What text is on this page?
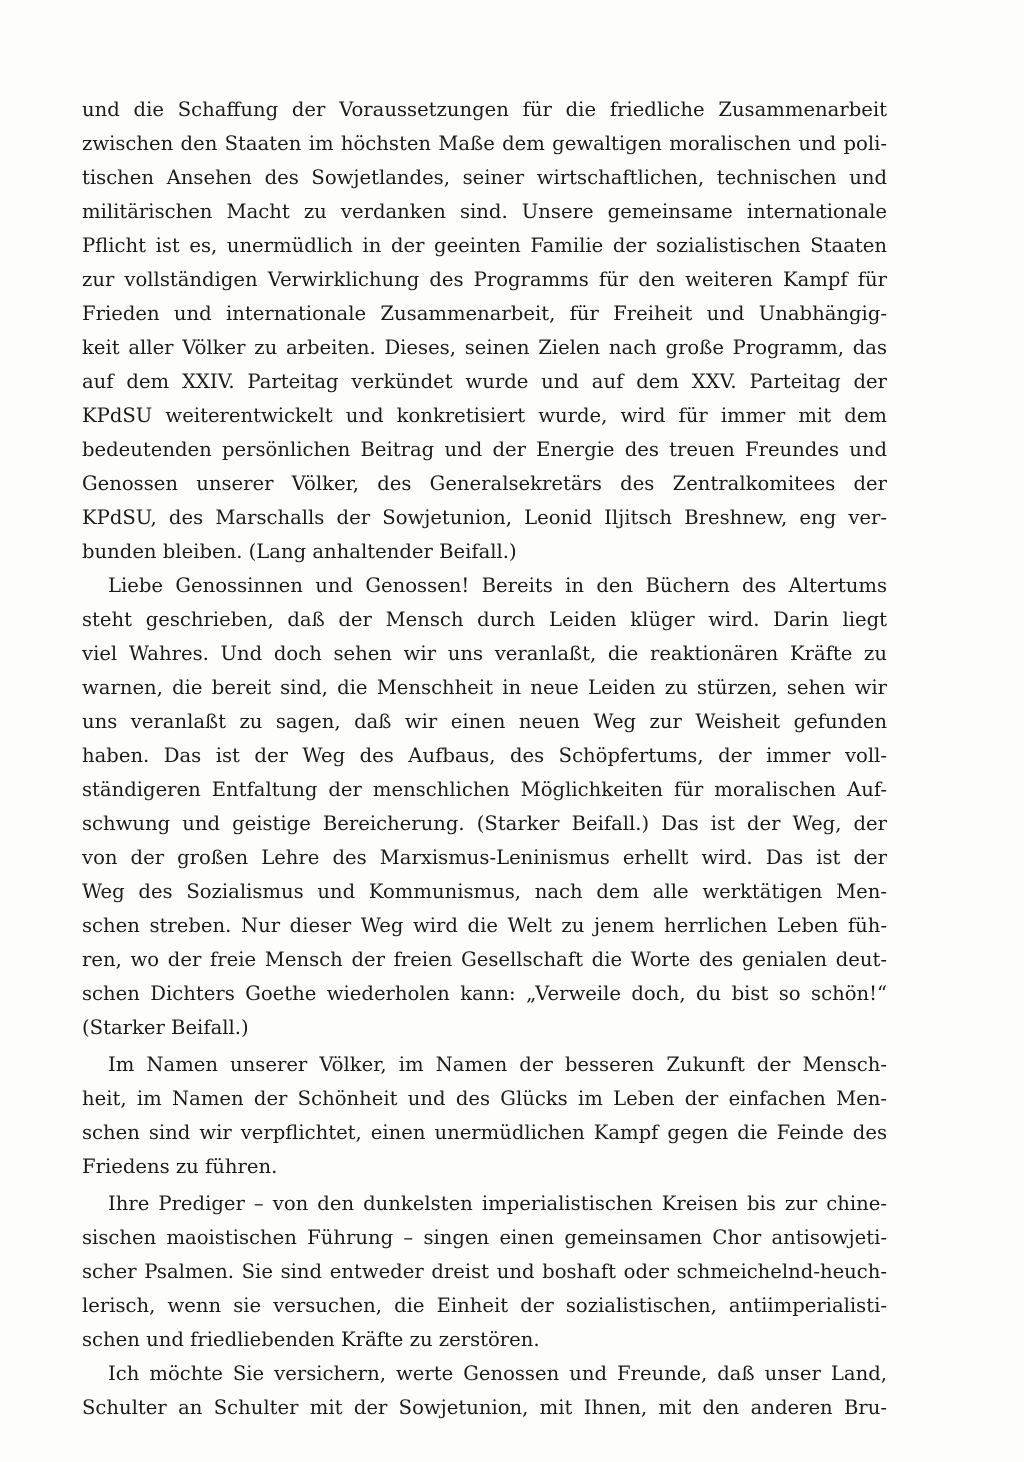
und die Schaffung der Voraussetzungen für die friedliche Zusammenarbeit
zwischen den Staaten im höchsten Maße dem gewaltigen moralischen und poli-
tischen Ansehen des Sowjetlandes, seiner wirtschaftlichen, technischen und
militärischen Macht zu verdanken sind. Unsere gemeinsame internationale
Pflicht ist es, unermüdlich in der geeinten Familie der sozialistischen Staaten
zur vollständigen Verwirklichung des Programms für den weiteren Kampf für
Frieden und internationale Zusammenarbeit, für Freiheit und Unabhängig-
keit aller Völker zu arbeiten. Dieses, seinen Zielen nach große Programm, das
auf dem XXIV. Parteitag verkündet wurde und auf dem XXV. Parteitag der
KPdSU weiterentwickelt und konkretisiert wurde, wird für immer mit dem
bedeutenden persönlichen Beitrag und der Energie des treuen Freundes und
Genossen unserer Völker, des Generalsekretärs des Zentralkomitees der
KPdSU, des Marschalls der Sowjetunion, Leonid Iljitsch Breshnew, eng ver-
bunden bleiben. (Lang anhaltender Beifall.)
Liebe Genossinnen und Genossen! Bereits in den Büchern des Altertums
steht geschrieben, daß der Mensch durch Leiden klüger wird. Darin liegt
viel Wahres. Und doch sehen wir uns veranlaßt, die reaktionären Kräfte zu
warnen, die bereit sind, die Menschheit in neue Leiden zu stürzen, sehen wir
uns veranlaßt zu sagen, daß wir einen neuen Weg zur Weisheit gefunden
haben. Das ist der Weg des Aufbaus, des Schöpfertums, der immer voll-
ständigeren Entfaltung der menschlichen Möglichkeiten für moralischen Auf-
schwung und geistige Bereicherung. (Starker Beifall.) Das ist der Weg, der
von der großen Lehre des Marxismus-Leninismus erhellt wird. Das ist der
Weg des Sozialismus und Kommunismus, nach dem alle werktätigen Men-
schen streben. Nur dieser Weg wird die Welt zu jenem herrlichen Leben füh-
ren, wo der freie Mensch der freien Gesellschaft die Worte des genialen deut-
schen Dichters Goethe wiederholen kann: „Verweile doch, du bist so schön!“
(Starker Beifall.)
Im Namen unserer Völker, im Namen der besseren Zukunft der Mensch-
heit, im Namen der Schönheit und des Glücks im Leben der einfachen Men-
schen sind wir verpflichtet, einen unermüdlichen Kampf gegen die Feinde des
Friedens zu führen.
Ihre Prediger – von den dunkelsten imperialistischen Kreisen bis zur chine-
sischen maoistischen Führung – singen einen gemeinsamen Chor antisowjeti-
scher Psalmen. Sie sind entweder dreist und boshaft oder schmeichelnd-heuch-
lerisch, wenn sie versuchen, die Einheit der sozialistischen, antiimperialisti-
schen und friedliebenden Kräfte zu zerstören.
Ich möchte Sie versichern, werte Genossen und Freunde, daß unser Land,
Schulter an Schulter mit der Sowjetunion, mit Ihnen, mit den anderen Bru-
